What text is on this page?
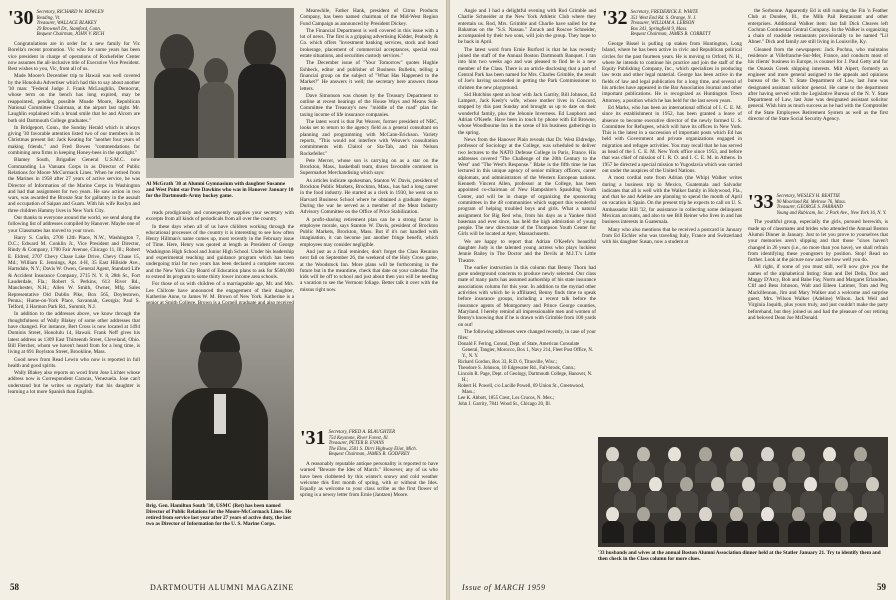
'30 Secretary, RICHARD W. BOWLEN
Reading, Vt.
Treasurer, WALLACE BLAKEY
29 Brownell Dr., Stamford, Conn.
Bequest Chairman, JOHN V. RICH

Congratulations are in order for a new family for Vic Borella's recent promotion. Vic who for some years has been vice president in charge of operations of Rockefeller Center now assumes the all-inclusive title of Executive Vice President. Best wishes to you, Vic, from all of us.

Made Moore's December trip to Hawaii was well covered by the Honolulu Advertiser which had this to say about another '30 man: "Federal Judge J. Frank McLaughlin, Democrat, whose term on the bench has long expired, may be reappointed, pending possible Moade Moore, Republican National Committee Chairman, at the airport last night. Mr. Laughlin explained with a broad smile that he and Alcorn are both old Dartmouth College graduates."

In Bridgeport, Conn., the Sunday Herald which is always giving '30 favorable attention listed two of our members in its Christmas present list: Jack Keating for "another four years of making friends," and Fred Bowes "commendations for combining area firms in keeping Honey-bees in the spotlight."

Blamey South, Brigadier General U.S.M.C. now Commanding Lo Vanuatu Corps in as Director of Public Relations for Moore McCormack Lines. When he retired from the Marines in 1958 after 27 years of active service, he was Director of Information of the Marine Corps in Washington and had that assignment for two years. He saw action in two wars, was awarded the Bronze Star for gallantry in the assault and occupation of Saipan and Guam. With his wife Roslyn and three children Hammy lives in New York City.

Our thanks to everyone around the world, we send along the following list of addresses compiled by Hanover. Maybe one of your Classmates has moved to your town.

Harry S. Carlin, 2700 12th Place, N.W., Washington 7, D.C.; Edward M. Conklin Jr., Vice President and Director, Rindy & Company, 1700 Fair Avenue, Chicago 11, Ill.; Robert E. Eldred, 2707 Chevy Chase Lake Drive, Chevy Chase 15, Md.; William E. Jennings, Apt. 4-H, 35 East Hillside Ave., Hartsdale, N.Y.; Davis W. Owen, General Agent, Standard Life & Accident Insurance Company, 2715 N. Y. 8, 28th St., Fort Lauderdale, Fla.; Robert S. Perkins, 613 River Rd., Manchester, N.H.; Allen W. Smith, Owner, Mfg. Sales Representative Old Dublin Pike, Box 565, Doylestown, Penna.; Hume-on-York Place, Savannah, Georgia; Paul S. Telford, 3 Harmon Park Rd., Summit, N.J.

In addition to the addresses above, we know through the thoughtfulness of Wally Blakey of some other addresses that have changed. For instance, Bert Cross is now located at 1494 Dominis Street, Honolulu 14, Hawaii. Frank Neff gives his latest address as 1309 East Thirteenth Street, Cleveland, Ohio. Bill Fletcher, whom we haven't heard from for a long time, is living at 691 Boylston Street, Brookline, Mass.

Good news from Read Lewin who now is reported in full health and good spirits.

Wally Blakey also reports on word from Jose Lichter whose address now is Correspondent Caracas, Venezuela. Jose can't understand but he writes so regularly that his daughter is learning a lot more Spanish than English.

Al McGrath '30 at Alumni Gymnasium with daughter Susanne and West Point star Pete Dawkins who was in Hanover January 10 for the Dartmouth-Army hockey game.

reads prodigiously and consequently supplies your secretary with excerpts from all kinds of periodicals from all over the country.

In these days when all of us have children working through the educational processes of the country it is interesting to see how often Henry Hillman's name comes up, most recently in the February issue of Time. Here, Henry was quoted at length as President of George Washington High School and Junior High School. Under his leadership and experimental teaching and guidance program which has been undergoing trial for two years has been declared a complete success and the New York City Board of Education plans to ask for $500,000 to extend its program to some thirty lower income area schools.

For those of us with children of a marriageable age, Mr. and Mrs. Lee Chilcote have announced the engagement of their daughter, Katherine Anne, to James W. M. Brown of New York. Katherine is a

Brig. Gen. Hamilton South '30, USMC (Ret) has been named Director of Public Relations for the Moore-McCormack Lines. He retired from service last year after 27 years of active duty, the last two as Director of Information for the U. S. Marine Corps.

Meanwhile, Father Hank, president of Citrus Products Company, has been named chairman of the Mid-West Region Fund Campaign as announced by President Dickey.

The Financial Department is well covered in this issue with a lot of news. The first is a gripping advertising Kidder, Peabody & Co. which offers "investment banking services, stock and bond brokerage, placement of commercial acceptances, special real estate situations, and securities custody services."

The December issue of "Your Tomorrow" quotes Hughie Eshbeck, editor and publisher of Business Bulletin, telling a financial group on the subject of "What Has Happened to the Market?" He answers it well; the secretary here answers those letters.

Dave Simonson was chosen by the Treasury Department to outline at recent hearings of the House Ways and Means Sub-Committee the Treasury's new "middle of the road" plan for taxing income of life insurance companies.

The latest word is that Pat Weaver, former president of NBC, looks set to return to the agency field as a general consultant on planning and programming with McCann-Erickson. Variety reports, "This would not interfere with Weaver's consultation commitments with Clairol or Sta-Tab, and his Nelson Rockefeller."

Pete Mercer, whose son is carrying on as a star on the Brockton, Mass., basketball team, draws favorable comment in Supermarket Merchandising which says:

As articles indicate spokesman, Stanton W. Davis, president of Brockton Public Markets, Brockton, Mass., has had a long career in the food industry. He started as a clerk in 1930, he went on to Harvard Business School where he obtained a graduate degree. During the war he served as a member of the Meat Industry Advisory Committee on the Office of Price Stabilization.

A profit-sharing retirement plan can be a strong factor in employee morale, says Stanton W. Davis, president of Brockton Public Markets, Brockton, Mass. But if it's not handled with imagination, it can become just another fringe benefit, which employees may consider negligible.

And just as a final reminder, don't forget the Class Reunion next fall on September 26, the weekend of the Holy Cross game, at the Woodstock Inn. More plans will be forthcoming in the future but in the meantime, check that date on your calendar. The kids will be off to school and just about then you will be needing a vacation to see the Vermont foliage. Better talk it over with the missus right now.

'31 Secretary, FRED A. BLAUGHTER
754 Keystone, River Forest, Ill.
Treasurer, PETER B. EVANS
The Elms, 2501 S. Dirri Highway Eliot, Mich.
Bequest Chairman, JAMES B. GODFREY

A reasonably reputable antique personality is reported to have warned "Beware the Ides of March." However, any of us who have been clobbered by this winter's snowy and cold weather welcome this first month of spring, with or without the Ides. Equally as welcome to your class scribe as the first flower of spring is a newsy letter from Ernie (Jantzen) Moore.

58	DARTMOUTH ALUMNI MAGAZINE

Angie and I had a delightful evening with Rod Grimble and Charlie Schneider at the New York Athletic Club where they entertain us. Rod, Mrs. Grimble and Charlie have sailed for the Bahamas on the "S.S. Nassau." Zorach and Roscoe Schneider, accompanied by their two sons, will join the group. They hope to be back in April.

The latest word from Ernie Burford is that he has recently joined the staff of the Annual Boston Dartmouth Banquet. I ran into him two weeks ago and was pleased to find he is a new member of the Class. There is an article disclosing that a part of Central Park has been named for Mrs. Charles Grimble, the result of Joe's having succeeded in getting the Park Commissioner to christen the new playground.

Sid Hutchins spent an hour with Jack Garrity, Bill Johnson, Ed Lampert, Jack Keely's wife, whose mother lives in Concord, stopped by this past Sunday and brought us up to date on their wonderful family, plus the Jehonie Inverness. Ed Lanphorn and Adrian O'Keefe. Have been in touch by phone with Ed Browne, whose Woodbourne Inn is the scene of his business gatherings in the spring.

News from the Hanover Plain reveals that Dr. West Eldredge, professor of Sociology at the College, was scheduled to deliver two lectures to the NATO Defense College in Paris, France. His addresses covered "The Challenge of the 20th Century to the West" and "The West's Response." Blake is the fifth time he has lectured in this unique agency of senior military officers, career diplomats, and administrators of the Western European nations. Kenneth Vincent Allen, professor at the College, has been appointed co-chairman of New Hampshire's Spaulding Youth Center, and will be in charge of organizing the sponsoring committees in the 48 communities which support this wonderful program of helping troubled boys and girls. What a natural assignment for Big Red who, from his days as a Yankee third baseman and ever since, has held the high admiration of young people. The new directorate of the Thompson Youth Center for Girls will be located at Ayer, Massachusetts.

We are happy to report that Adrian O'Keefe's beautiful daughter Judy is the talented young actress who plays luckless Jennie Bailey in The Doctor and the Devils at M.I.T.'s Little Theatre.

The earlier instruction in this column that Benny Thorn had gone underground concerns to produce newly selected. Our class mate of many parts has assumed authorship of his state insurance associations column for this year. In addition to the myriad other activities with which he is affiliated, Benny finds time to speak before insurance groups, including a recent talk before the insurance agents of Montgomery and Prince George counties, Maryland. I hereby remind all impressionable men and women of Benny's knowing that if he is drawn with Grimble from 100 yards on out!

The following addresses were changed recently, in case of your files:

Donald F. Fering, Consul, Dept. of State, American Consulate General, Tangier, Morocco, Box 1, Navy 214, Fleet Post Office, N. Y., N. Y.
Richard Gordon, Box 33, R.D. 6, Titusville, Wisc.;
Theodore S. Johnson, 10 Edgewater Rd., Fall-brook, Conn.;
Lincoln R. Page, Dept. of Geology, Dartmouth College, Hanover, N. H.;
Robert H. Powell, c/o Lucille Powell, 69 Union St., Greenwood, Mass.;
Lee K. Abbott, 1855 Crest, Los Crucos, N. Mex.;
John J. Garrity, 7841 Wood St., Chicago 20, Ill.
'32 Secretary, FREDERICK E. WHITE
351 West End Rd. S. Orange, N. J.
Treasurer, WILLIAM A. LEBSON
Box 341, Springfield 9, Mass.
Bequest Chairman, JAMES B. CORBETT

George Bissel is pulling up stakes from Huntington, Long Island, where he has been active in civic and Republican political circles for the past fourteen years. He is moving to Orford, N. H., where he intends to continue his practice and join the staff of the Equity Publishing Company, Inc., which specializes in producing law texts and other legal material. George has been active in the fields of law and legal publication for a long time, and several of his articles have appeared in the Bar Association Journal and other important publications. He is recognized as Huntington Town Attorney, a position which he has held for the last seven years.

Ed Marks, who has been an international official of I. C. E. M. since its establishment in 1952, has been granted a leave of absence to become executive director of the newly formed U. S. Committee for Refugees, which will have its offices in New York. This is the latest in a succession of important posts which Ed has held with Government and private organizations engaged in migration and refugee activities. You may recall that he has served as head of the I. C. E. M. New York office since 1953, and before that was chief of mission of I. R. O. and I. C. E. M. in Athens. In 1957 he directed a special mission to Yugoslavia which was carried out under the auspices of the United Nations.

A most cordial note from Adrian (the Whip) Walker writes during a business trip to Mexico, Guatemala and Salvador indicates that all is well with the Walker family in Holywood, Fla., and that he and Adeline are planning to spend the month of April on vacation in Spain. On the present trip he expects to call on U. S. Ambassador Hill '32, for assistance in collecting some delinquent Mexican accounts, and also to see Bill Reiner who lives in and has business interests in Guatemala.

Many who also mentions that he received a postcard in January from Ed Eichler who was traveling Italy, France and Switzerland with his daughter Susan, now a student at

the Sorbonne. Apparently Ed is still running the Fin 'n Feather Club at Dundee, Ill., the Milk Pail Restaurant and other enterprises. Additional Walker item: last fall Dick Cleaves left Cochran Continental Central Company. In the Walker is organizing a chain of roadside restaurants provisionally to be named "Lil Abner." Dick and family are still living in Louisville, Ky.

Gleaned from the newspapers: Jack Pochna, who maintains residence at Villefranche-Sur-Mer, France, and conducts most of his clients' business in Europe, is counsel for J. Paul Getty and for the Onassis Greek shipping interests. Milt Alpert, formerly an engineer and more general assigned to the appeals and opinions bureau of the N. Y. State Department of Law, last June was designated assistant solicitor general. He came to the department after having served with the Legislative Bureau of the N. Y. State Department of Law, last June was designated assistant solicitor general. Wish him as much success as he had with the Comptroller of the State Employees Retirement System as well as the first director of the State Social Security Agency.

'33 Secretary, WESLEY H. BEATTIE
90 Moorland Rd. Melrose 76, Mass.
Treasurer, GEORGE S. FARRAND
Young and Rubicam, Inc. 2 Park Ave., New York 16, N. Y.

The youthful group, especially the girls, pursued herewith, is made up of classmates and brides who attended the Annual Boston Alumni Dinner in January. Just to let you prove to yourselves that your memories aren't slipping and that those "sixes haven't changed in 26 years (i.e., no more than you have), we shall refrain from identifying these youngsters by position. Stop! Read no further. Look at the picture now and see how well you do.

All right, if some of you must still, we'll now give you the names of the alphabetical listing: Stan and Del Della, Doc and Maggy D'Arcy, Bob and Babe Fay, Norm and Margaret Erlandsen, Clif and Bess Johnson, Walt and Eileen Latimer, Tom and Peg Mackillennan, Jim and Mary Walker and a welcome and surprise guest, Mrs. Wilson Walker (Adeline) Wilson. Jack Weil and Virginia Jaquith, plus yours truly, and just couldn't make the party beforehand, but they joined us and had the pleasure of our retiring and beloved Dean Joe McDonald.

59
Issue of MARCH 1959
'33 husbands and wives at the annual Boston Alumni Association dinner held at the Statler January 21. Try to identify them and then check in the Class column for more clues.
